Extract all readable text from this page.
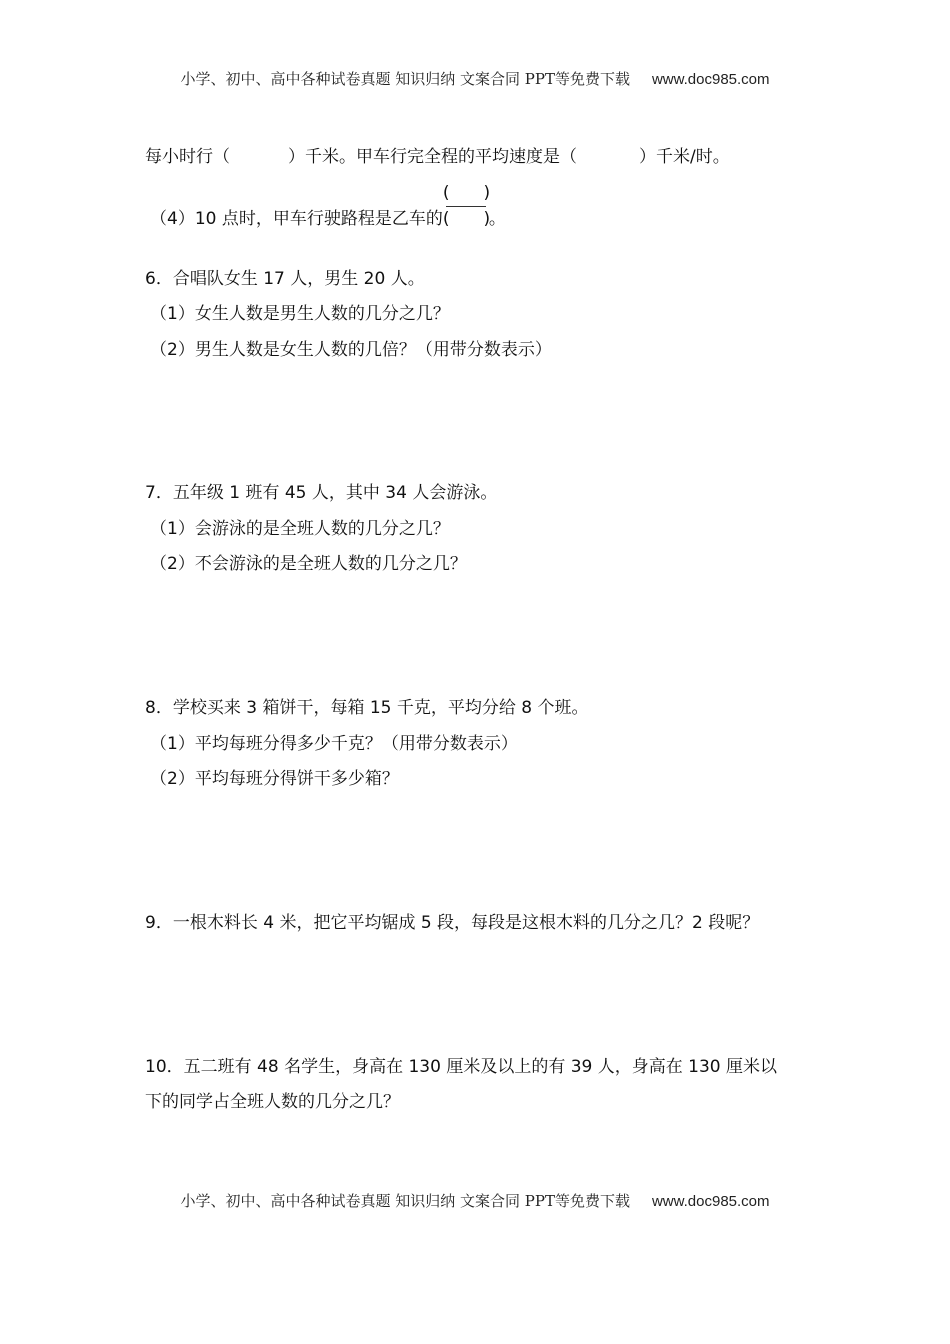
小学、初中、高中各种试卷真题 知识归纳 文案合同 PPT等免费下载 www.doc985.com
每小时行（	）千米。甲车行完全程的平均速度是（	）千米/时。
（4）10 点时，甲车行驶路程是乙车的 $\frac{( )}{( )}$ 。
6．合唱队女生 17 人，男生 20 人。
（1）女生人数是男生人数的几分之几？
（2）男生人数是女生人数的几倍？（用带分数表示）
7．五年级 1 班有 45 人，其中 34 人会游泳。
（1）会游泳的是全班人数的几分之几？
（2）不会游泳的是全班人数的几分之几？
8．学校买来 3 箱饼干，每箱 15 千克，平均分给 8 个班。
（1）平均每班分得多少千克？（用带分数表示）
（2）平均每班分得饼干多少箱？
9．一根木料长 4 米，把它平均锯成 5 段，每段是这根木料的几分之几？2 段呢？
10．五二班有 48 名学生，身高在 130 厘米及以上的有 39 人，身高在 130 厘米以
下的同学占全班人数的几分之几？
小学、初中、高中各种试卷真题 知识归纳 文案合同 PPT等免费下载 www.doc985.com
